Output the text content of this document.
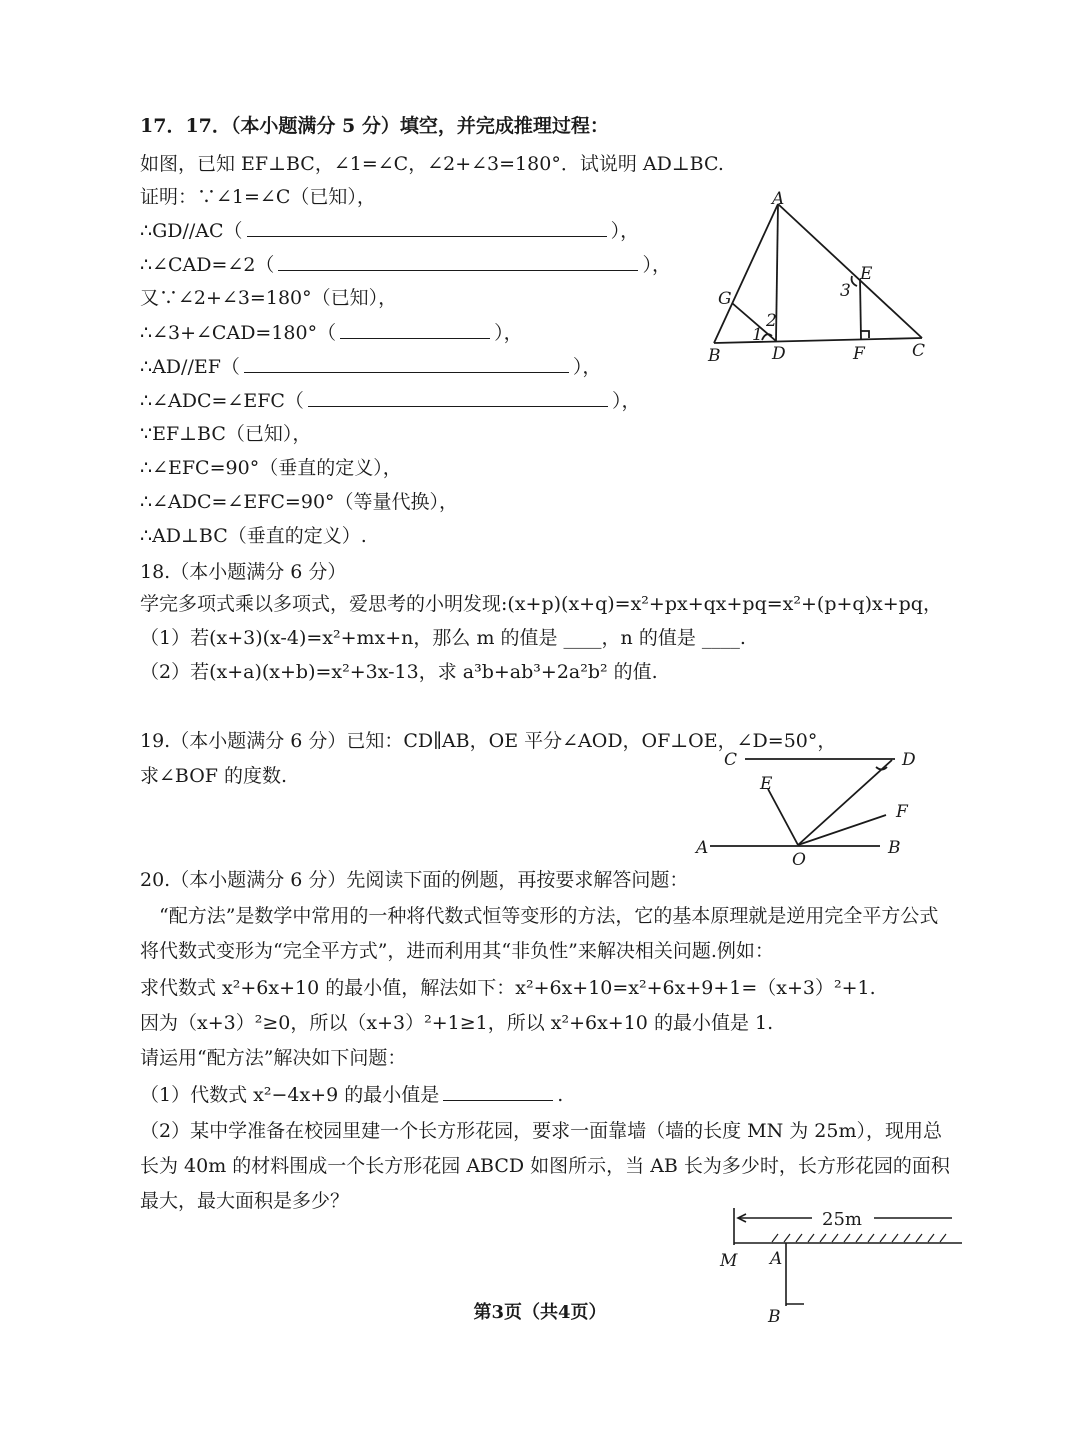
17．17．（本小题满分 5 分）填空，并完成推理过程：
如图，已知 EF⊥BC，∠1=∠C，∠2+∠3=180°．试说明 AD⊥BC.
证明：∵∠1=∠C（已知），
∴GD//AC（	），
∴∠CAD=∠2（	），
又∵∠2+∠3=180°（已知），
∴∠3+∠CAD=180°（	），
∴AD//EF（	），
∴∠ADC=∠EFC（	），
∵EF⊥BC（已知），
∴∠EFC=90°（垂直的定义），
∴∠ADC=∠EFC=90°（等量代换），
∴AD⊥BC（垂直的定义）.
A
B	C
D
E
F
G
1
2
3
18.（本小题满分 6 分）
学完多项式乘以多项式，爱思考的小明发现:(x+p)(x+q)=x²+px+qx+pq=x²+(p+q)x+pq，
（1）若(x+3)(x-4)=x²+mx+n，那么 m 的值是 ____，n 的值是 ____.
（2）若(x+a)(x+b)=x²+3x-13，求 a³b+ab³+2a²b² 的值.
19.（本小题满分 6 分）已知：CD∥AB，OE 平分∠AOD，OF⊥OE，∠D=50°，
求∠BOF 的度数.
C	D
E
F
A	B
O
20.（本小题满分 6 分）先阅读下面的例题，再按要求解答问题：
“配方法”是数学中常用的一种将代数式恒等变形的方法，它的基本原理就是逆用完全平方公式将代数式变形为“完全平方式”，进而利用其“非负性”来解决相关问题.例如：
求代数式 x²+6x+10 的最小值，解法如下：x²+6x+10=x²+6x+9+1=（x+3）²+1.
因为（x+3）²≥0，所以（x+3）²+1≥1，所以 x²+6x+10 的最小值是 1.
请运用“配方法”解决如下问题：
（1）代数式 x²−4x+9 的最小值是	.
（2）某中学准备在校园里建一个长方形花园，要求一面靠墙（墙的长度 MN 为 25m），现用总长为 40m 的材料围成一个长方形花园 ABCD 如图所示，当 AB 长为多少时，长方形花园的面积最大，最大面积是多少？
25m
M A
B
第3页（共4页）
